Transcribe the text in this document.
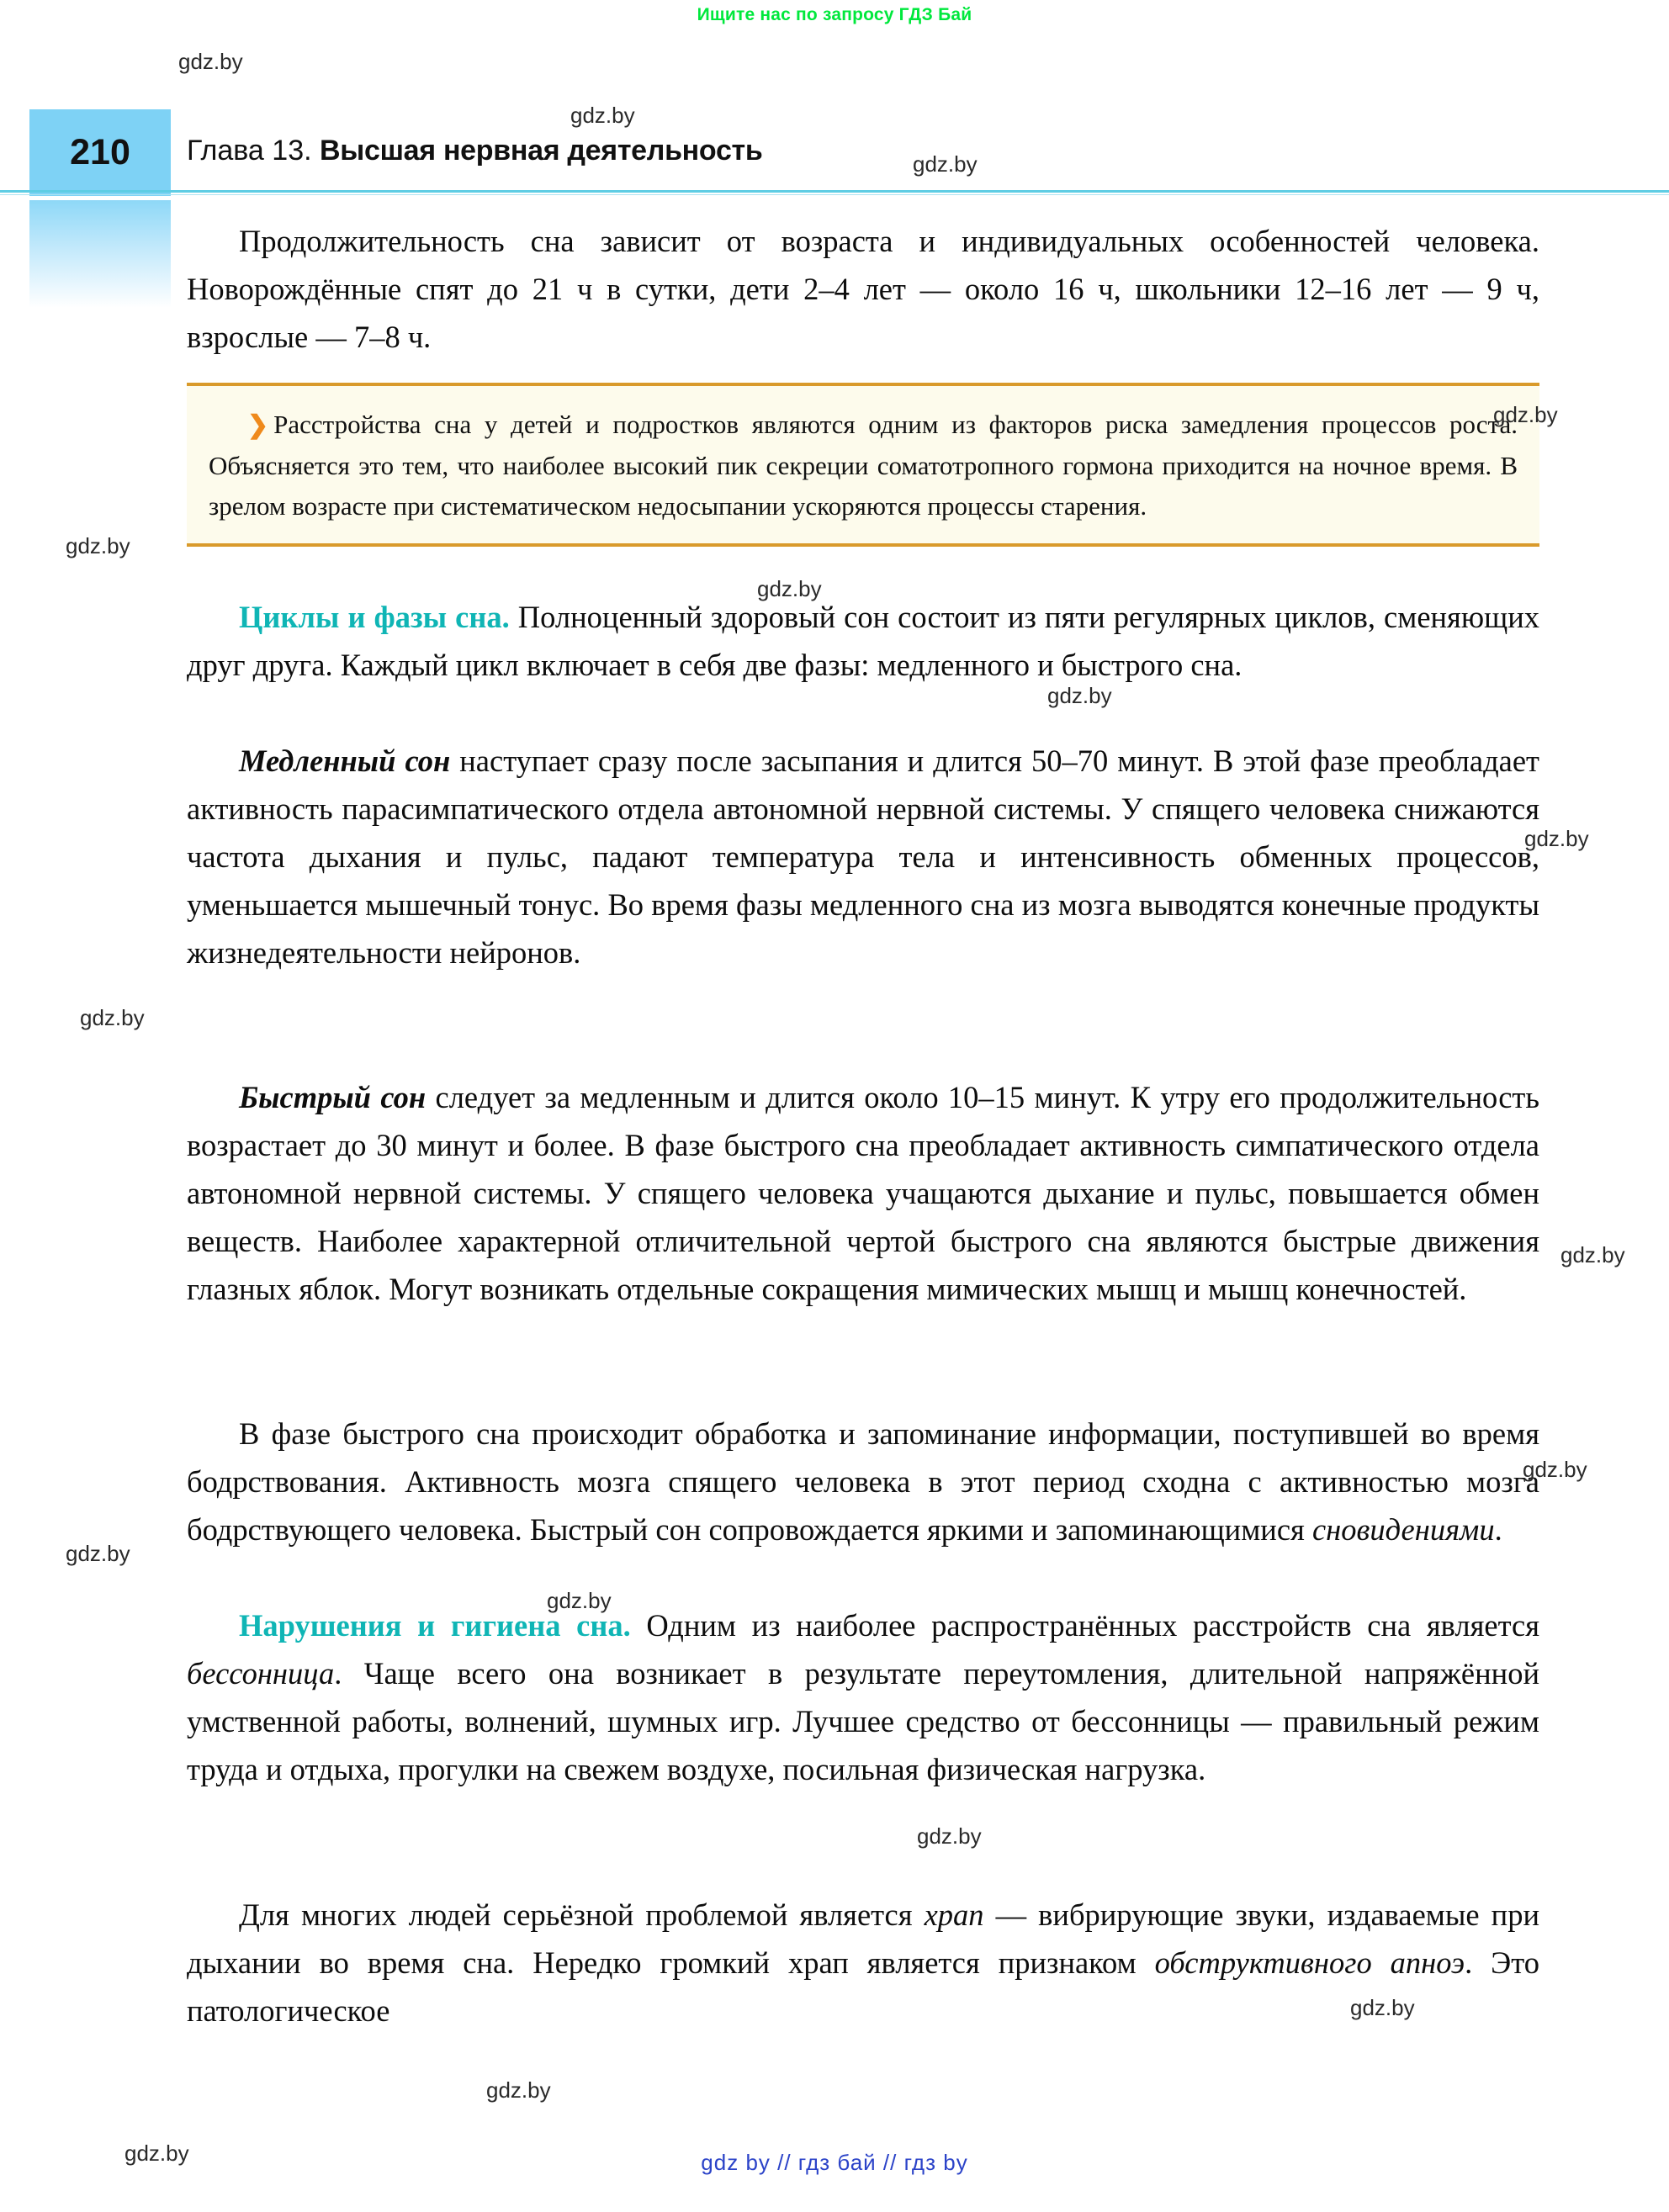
Ищите нас по запросу ГДЗ Бай
210	Глава 13. Высшая нервная деятельность

Продолжительность сна зависит от возраста и индивидуальных особенностей человека. Новорождённые спят до 21 ч в сутки, дети 2–4 лет — около 16 ч, школьники 12–16 лет — 9 ч, взрослые — 7–8 ч.

❯ Расстройства сна у детей и подростков являются одним из факторов риска замедления процессов роста. Объясняется это тем, что наиболее высокий пик секреции соматотропного гормона приходится на ночное время. В зрелом возрасте при систематическом недосыпании ускоряются процессы старения.

Циклы и фазы сна. Полноценный здоровый сон состоит из пяти регулярных циклов, сменяющих друг друга. Каждый цикл включает в себя две фазы: медленного и быстрого сна.

Медленный сон наступает сразу после засыпания и длится 50–70 минут. В этой фазе преобладает активность парасимпатического отдела автономной нервной системы. У спящего человека снижаются частота дыхания и пульс, падают температура тела и интенсивность обменных процессов, уменьшается мышечный тонус. Во время фазы медленного сна из мозга выводятся конечные продукты жизнедеятельности нейронов.

Быстрый сон следует за медленным и длится около 10–15 минут. К утру его продолжительность возрастает до 30 минут и более. В фазе быстрого сна преобладает активность симпатического отдела автономной нервной системы. У спящего человека учащаются дыхание и пульс, повышается обмен веществ. Наиболее характерной отличительной чертой быстрого сна являются быстрые движения глазных яблок. Могут возникать отдельные сокращения мимических мышц и мышц конечностей.

В фазе быстрого сна происходит обработка и запоминание информации, поступившей во время бодрствования. Активность мозга спящего человека в этот период сходна с активностью мозга бодрствующего человека. Быстрый сон сопровождается яркими и запоминающимися сновидениями.

Нарушения и гигиена сна. Одним из наиболее распространённых расстройств сна является бессонница. Чаще всего она возникает в результате переутомления, длительной напряжённой умственной работы, волнений, шумных игр. Лучшее средство от бессонницы — правильный режим труда и отдыха, прогулки на свежем воздухе, посильная физическая нагрузка.

Для многих людей серьёзной проблемой является храп — вибрирующие звуки, издаваемые при дыхании во время сна. Нередко громкий храп является признаком обструктивного апноэ. Это патологическое

gdz by // гдз бай // гдз by
gdz.by
gdz.by
gdz.by
gdz.by
gdz.by
gdz.by
gdz.by
gdz.by
gdz.by
gdz.by
gdz.by
gdz.by
gdz.by
gdz.by
gdz.by
gdz.by
gdz.by
